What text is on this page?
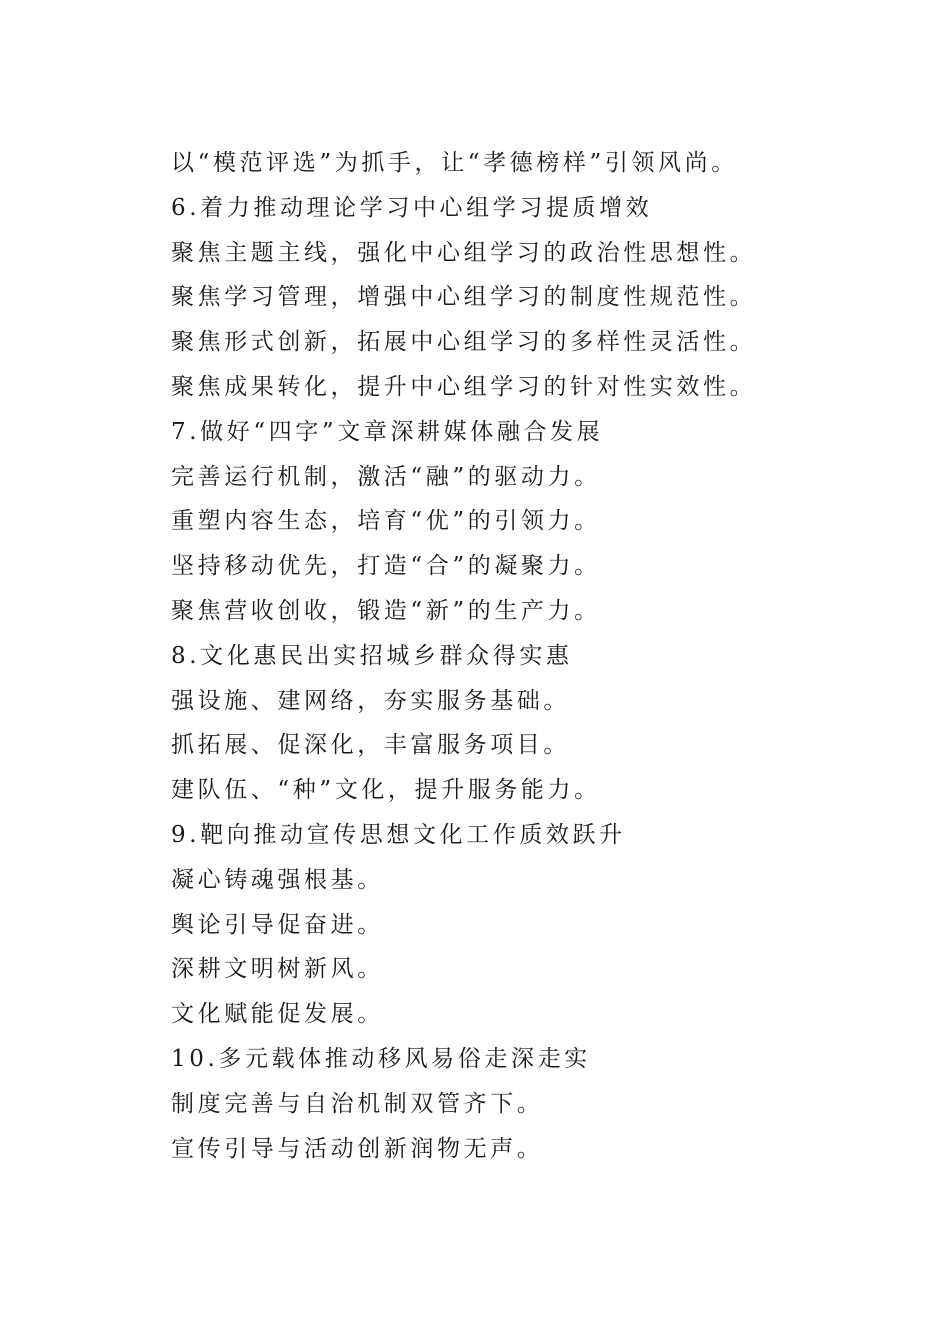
以“模范评选”为抓手，让“孝德榜样”引领风尚。
6.着力推动理论学习中心组学习提质增效
聚焦主题主线，强化中心组学习的政治性思想性。
聚焦学习管理，增强中心组学习的制度性规范性。
聚焦形式创新，拓展中心组学习的多样性灵活性。
聚焦成果转化，提升中心组学习的针对性实效性。
7.做好“四字”文章深耕媒体融合发展
完善运行机制，激活“融”的驱动力。
重塑内容生态，培育“优”的引领力。
坚持移动优先，打造“合”的凝聚力。
聚焦营收创收，锻造“新”的生产力。
8.文化惠民出实招城乡群众得实惠
强设施、建网络，夯实服务基础。
抓拓展、促深化，丰富服务项目。
建队伍、“种”文化，提升服务能力。
9.靶向推动宣传思想文化工作质效跃升
凝心铸魂强根基。
舆论引导促奋进。
深耕文明树新风。
文化赋能促发展。
10.多元载体推动移风易俗走深走实
制度完善与自治机制双管齐下。
宣传引导与活动创新润物无声。
